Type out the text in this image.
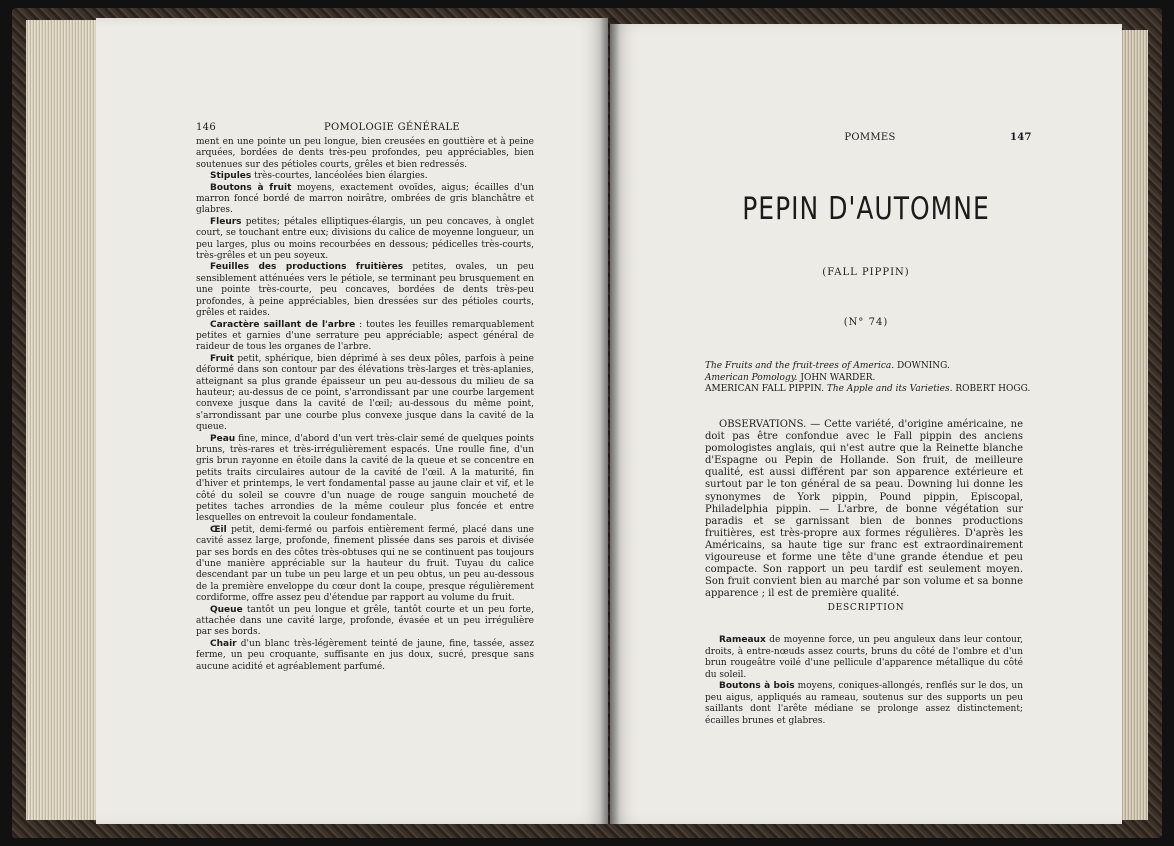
146	POMOLOGIE GÉNÉRALE

ment en une pointe un peu longue, bien creusées en gouttière et à peine arquées, bordées de dents très-peu profondes, peu appréciables, bien soutenues sur des pétioles courts, grêles et bien redressés.

Stipules très-courtes, lancéolées bien élargies.

Boutons à fruit moyens, exactement ovoïdes, aigus; écailles d'un marron foncé bordé de marron noirâtre, ombrées de gris blanchâtre et glabres.

Fleurs petites; pétales elliptiques-élargis, un peu concaves, à onglet court, se touchant entre eux; divisions du calice de moyenne longueur, un peu larges, plus ou moins recourbées en dessous; pédicelles très-courts, très-grêles et un peu soyeux.

Feuilles des productions fruitières petites, ovales, un peu sensiblement atténuées vers le pétiole, se terminant peu brusquement en une pointe très-courte, peu concaves, bordées de dents très-peu profondes, à peine appréciables, bien dressées sur des pétioles courts, grêles et raides.

Caractère saillant de l'arbre : toutes les feuilles remarquablement petites et garnies d'une serrature peu appréciable; aspect général de raideur de tous les organes de l'arbre.

Fruit petit, sphérique, bien déprimé à ses deux pôles, parfois à peine déformé dans son contour par des élévations très-larges et très-aplanies, atteignant sa plus grande épaisseur un peu au-dessous du milieu de sa hauteur; au-dessus de ce point, s'arrondissant par une courbe largement convexe jusque dans la cavité de l'œil; au-dessous du même point, s'arrondissant par une courbe plus convexe jusque dans la cavité de la queue.

Peau fine, mince, d'abord d'un vert très-clair semé de quelques points bruns, très-rares et très-irrégulièrement espacés. Une roulle fine, d'un gris brun rayonne en étoile dans la cavité de la queue et se concentre en petits traits circulaires autour de la cavité de l'œil. A la maturité, fin d'hiver et printemps, le vert fondamental passe au jaune clair et vif, et le côté du soleil se couvre d'un nuage de rouge sanguin moucheté de petites taches arrondies de la même couleur plus foncée et entre lesquelles on entrevoit la couleur fondamentale.

Œil petit, demi-fermé ou parfois entièrement fermé, placé dans une cavité assez large, profonde, finement plissée dans ses parois et divisée par ses bords en des côtes très-obtuses qui ne se continuent pas toujours d'une manière appréciable sur la hauteur du fruit. Tuyau du calice descendant par un tube un peu large et un peu obtus, un peu au-dessous de la première enveloppe du cœur dont la coupe, presque régulièrement cordiforme, offre assez peu d'étendue par rapport au volume du fruit.

Queue tantôt un peu longue et grêle, tantôt courte et un peu forte, attachée dans une cavité large, profonde, évasée et un peu irrégulière par ses bords.

Chair d'un blanc très-légèrement teinté de jaune, fine, tassée, assez ferme, un peu croquante, suffisante en jus doux, sucré, presque sans aucune acidité et agréablement parfumé.

POMMES	147
PEPIN D'AUTOMNE
(FALL PIPPIN)
(N° 74)
The Fruits and the fruit-trees of America. DOWNING.
American Pomology. JOHN WARDER.
AMERICAN FALL PIPPIN. The Apple and its Varieties. ROBERT HOGG.

OBSERVATIONS. — Cette variété, d'origine américaine, ne doit pas être confondue avec le Fall pippin des anciens pomologistes anglais, qui n'est autre que la Reinette blanche d'Espagne ou Pepin de Hollande. Son fruit, de meilleure qualité, est aussi différent par son apparence extérieure et surtout par le ton général de sa peau. Downing lui donne les synonymes de York pippin, Pound pippin, Episcopal, Philadelphia pippin. — L'arbre, de bonne végétation sur paradis et se garnissant bien de bonnes productions fruitières, est très-propre aux formes régulières. D'après les Américains, sa haute tige sur franc est extraordinairement vigoureuse et forme une tête d'une grande étendue et peu compacte. Son rapport un peu tardif est seulement moyen. Son fruit convient bien au marché par son volume et sa bonne apparence ; il est de première qualité.

DESCRIPTION

Rameaux de moyenne force, un peu anguleux dans leur contour, droits, à entre-nœuds assez courts, bruns du côté de l'ombre et d'un brun rougeâtre voilé d'une pellicule d'apparence métallique du côté du soleil.

Boutons à bois moyens, coniques-allongés, renflés sur le dos, un peu aigus, appliqués au rameau, soutenus sur des supports un peu saillants dont l'arête médiane se prolonge assez distinctement; écailles brunes et glabres.
